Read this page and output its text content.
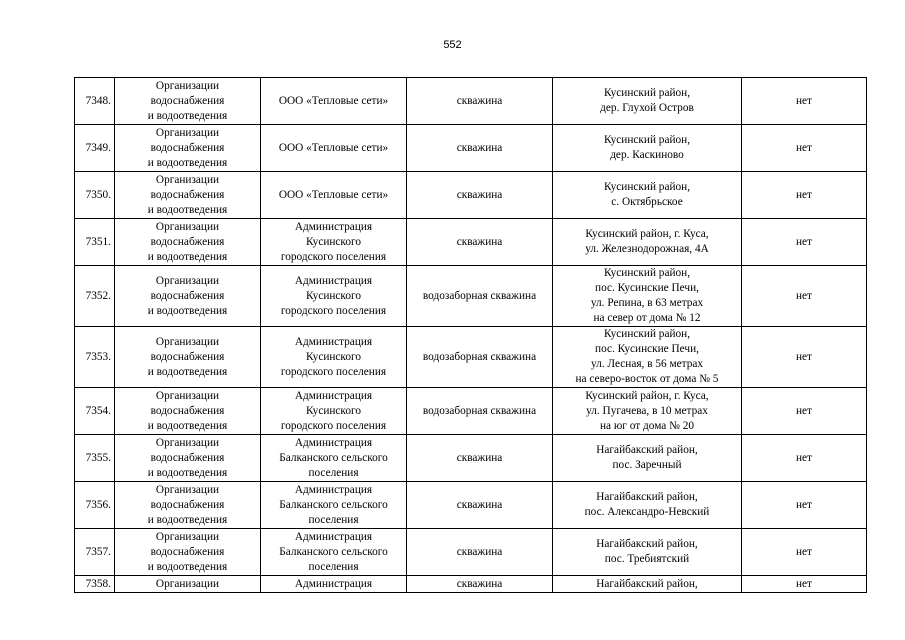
552
7348.	Организации
водоснабжения
и водоотведения	ООО «Тепловые сети»	скважина	Кусинский район,
дер. Глухой Остров	нет
7349.	Организации
водоснабжения
и водоотведения	ООО «Тепловые сети»	скважина	Кусинский район,
дер. Каскиново	нет
7350.	Организации
водоснабжения
и водоотведения	ООО «Тепловые сети»	скважина	Кусинский район,
с. Октябрьское	нет
7351.	Организации
водоснабжения
и водоотведения	Администрация
Кусинского
городского поселения	скважина	Кусинский район, г. Куса,
ул. Железнодорожная, 4А	нет
7352.	Организации
водоснабжения
и водоотведения	Администрация
Кусинского
городского поселения	водозаборная скважина	Кусинский район,
пос. Кусинские Печи,
ул. Репина, в 63 метрах
на север от дома № 12	нет
7353.	Организации
водоснабжения
и водоотведения	Администрация
Кусинского
городского поселения	водозаборная скважина	Кусинский район,
пос. Кусинские Печи,
ул. Лесная, в 56 метрах
на северо-восток от дома № 5	нет
7354.	Организации
водоснабжения
и водоотведения	Администрация
Кусинского
городского поселения	водозаборная скважина	Кусинский район, г. Куса,
ул. Пугачева, в 10 метрах
на юг от дома № 20	нет
7355.	Организации
водоснабжения
и водоотведения	Администрация
Балканского сельского
поселения	скважина	Нагайбакский район,
пос. Заречный	нет
7356.	Организации
водоснабжения
и водоотведения	Администрация
Балканского сельского
поселения	скважина	Нагайбакский район,
пос. Александро-Невский	нет
7357.	Организации
водоснабжения
и водоотведения	Администрация
Балканского сельского
поселения	скважина	Нагайбакский район,
пос. Требиятский	нет
7358.	Организации	Администрация	скважина	Нагайбакский район,	нет
